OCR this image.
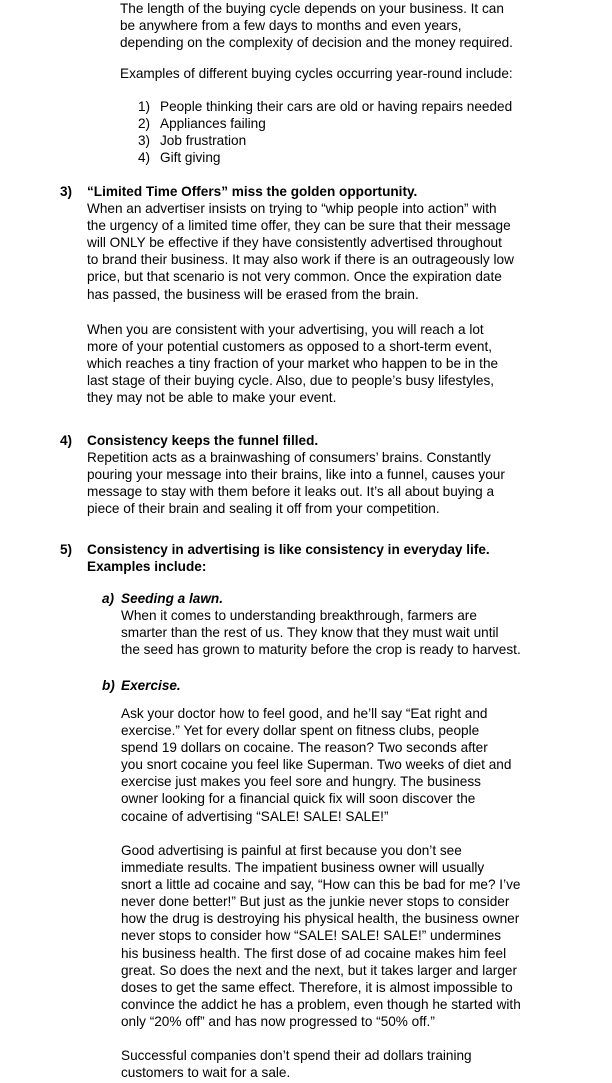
The length of the buying cycle depends on your business. It can
be anywhere from a few days to months and even years,
depending on the complexity of decision and the money required.
Examples of different buying cycles occurring year-round include:
1) People thinking their cars are old or having repairs needed
2) Appliances failing
3) Job frustration
4) Gift giving
3) “Limited Time Offers” miss the golden opportunity.
When an advertiser insists on trying to “whip people into action” with
the urgency of a limited time offer, they can be sure that their message
will ONLY be effective if they have consistently advertised throughout
to brand their business. It may also work if there is an outrageously low
price, but that scenario is not very common. Once the expiration date
has passed, the business will be erased from the brain.
When you are consistent with your advertising, you will reach a lot
more of your potential customers as opposed to a short-term event,
which reaches a tiny fraction of your market who happen to be in the
last stage of their buying cycle. Also, due to people’s busy lifestyles,
they may not be able to make your event.
4) Consistency keeps the funnel filled.
Repetition acts as a brainwashing of consumers’ brains. Constantly
pouring your message into their brains, like into a funnel, causes your
message to stay with them before it leaks out. It’s all about buying a
piece of their brain and sealing it off from your competition.
5) Consistency in advertising is like consistency in everyday life.
Examples include:
a) Seeding a lawn.
When it comes to understanding breakthrough, farmers are
smarter than the rest of us. They know that they must wait until
the seed has grown to maturity before the crop is ready to harvest.
b) Exercise.
Ask your doctor how to feel good, and he’ll say “Eat right and
exercise.” Yet for every dollar spent on fitness clubs, people
spend 19 dollars on cocaine. The reason? Two seconds after
you snort cocaine you feel like Superman. Two weeks of diet and
exercise just makes you feel sore and hungry. The business
owner looking for a financial quick fix will soon discover the
cocaine of advertising “SALE! SALE! SALE!”
Good advertising is painful at first because you don’t see
immediate results. The impatient business owner will usually
snort a little ad cocaine and say, “How can this be bad for me? I’ve
never done better!” But just as the junkie never stops to consider
how the drug is destroying his physical health, the business owner
never stops to consider how “SALE! SALE! SALE!” undermines
his business health. The first dose of ad cocaine makes him feel
great. So does the next and the next, but it takes larger and larger
doses to get the same effect. Therefore, it is almost impossible to
convince the addict he has a problem, even though he started with
only “20% off” and has now progressed to “50% off.”
Successful companies don’t spend their ad dollars training
customers to wait for a sale.
